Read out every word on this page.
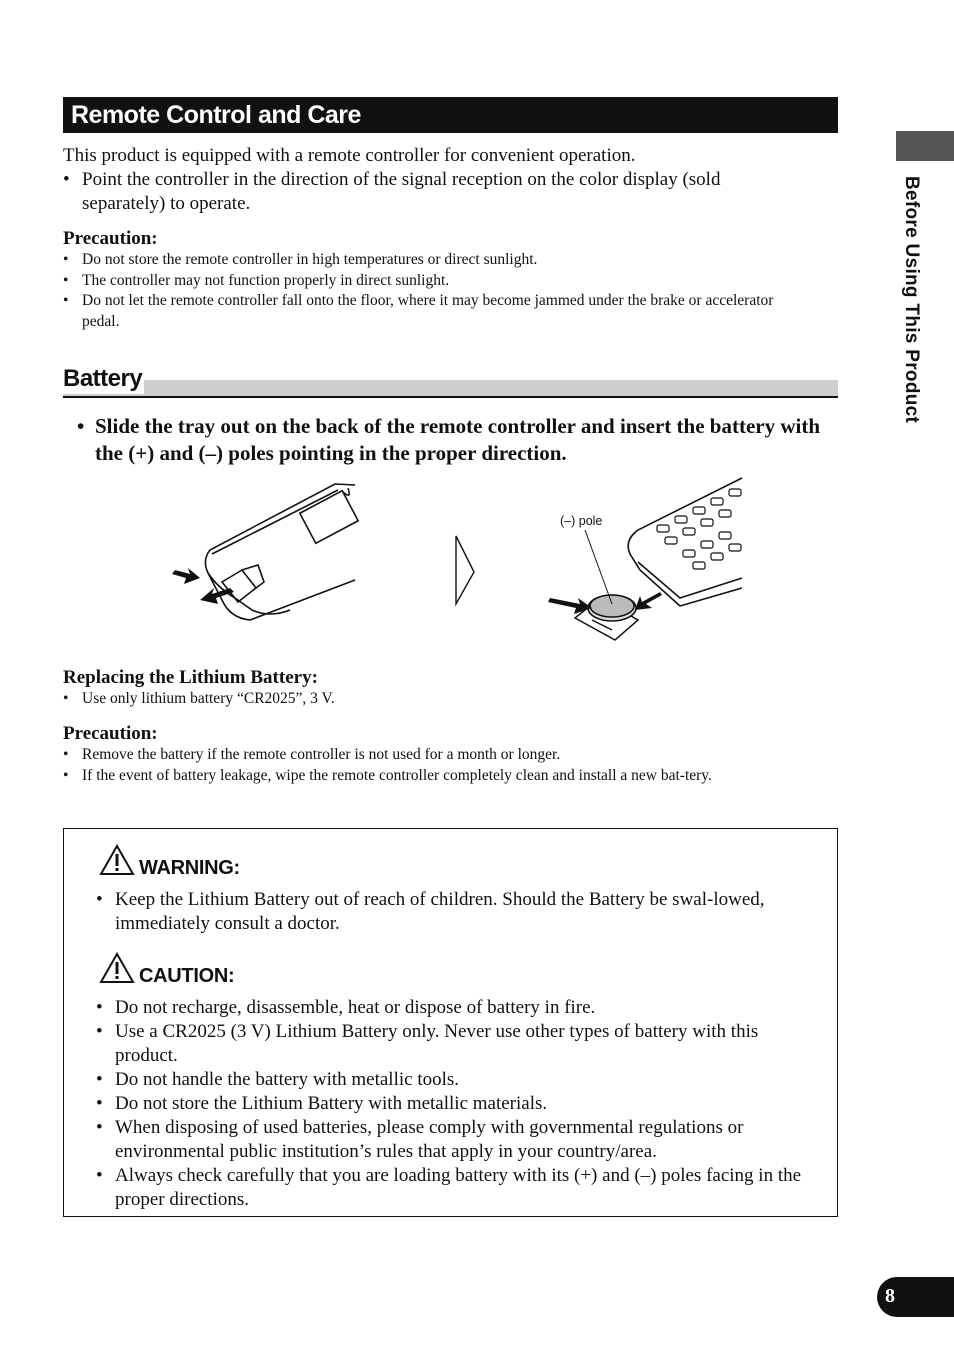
Remote Control and Care
This product is equipped with a remote controller for convenient operation.
• Point the controller in the direction of the signal reception on the color display (sold separately) to operate.
Precaution:
• Do not store the remote controller in high temperatures or direct sunlight.
• The controller may not function properly in direct sunlight.
• Do not let the remote controller fall onto the floor, where it may become jammed under the brake or accelerator pedal.
Battery
• Slide the tray out on the back of the remote controller and insert the battery with the (+) and (–) poles pointing in the proper direction.
(–) pole
Replacing the Lithium Battery:
• Use only lithium battery “CR2025”, 3 V.
Precaution:
• Remove the battery if the remote controller is not used for a month or longer.
• If the event of battery leakage, wipe the remote controller completely clean and install a new bat-tery.
WARNING:
• Keep the Lithium Battery out of reach of children. Should the Battery be swal-lowed, immediately consult a doctor.
CAUTION:
• Do not recharge, disassemble, heat or dispose of battery in fire.
• Use a CR2025 (3 V) Lithium Battery only. Never use other types of battery with this product.
• Do not handle the battery with metallic tools.
• Do not store the Lithium Battery with metallic materials.
• When disposing of used batteries, please comply with governmental regulations or environmental public institution’s rules that apply in your country/area.
• Always check carefully that you are loading battery with its (+) and (–) poles facing in the proper directions.
Before Using This Product
8
